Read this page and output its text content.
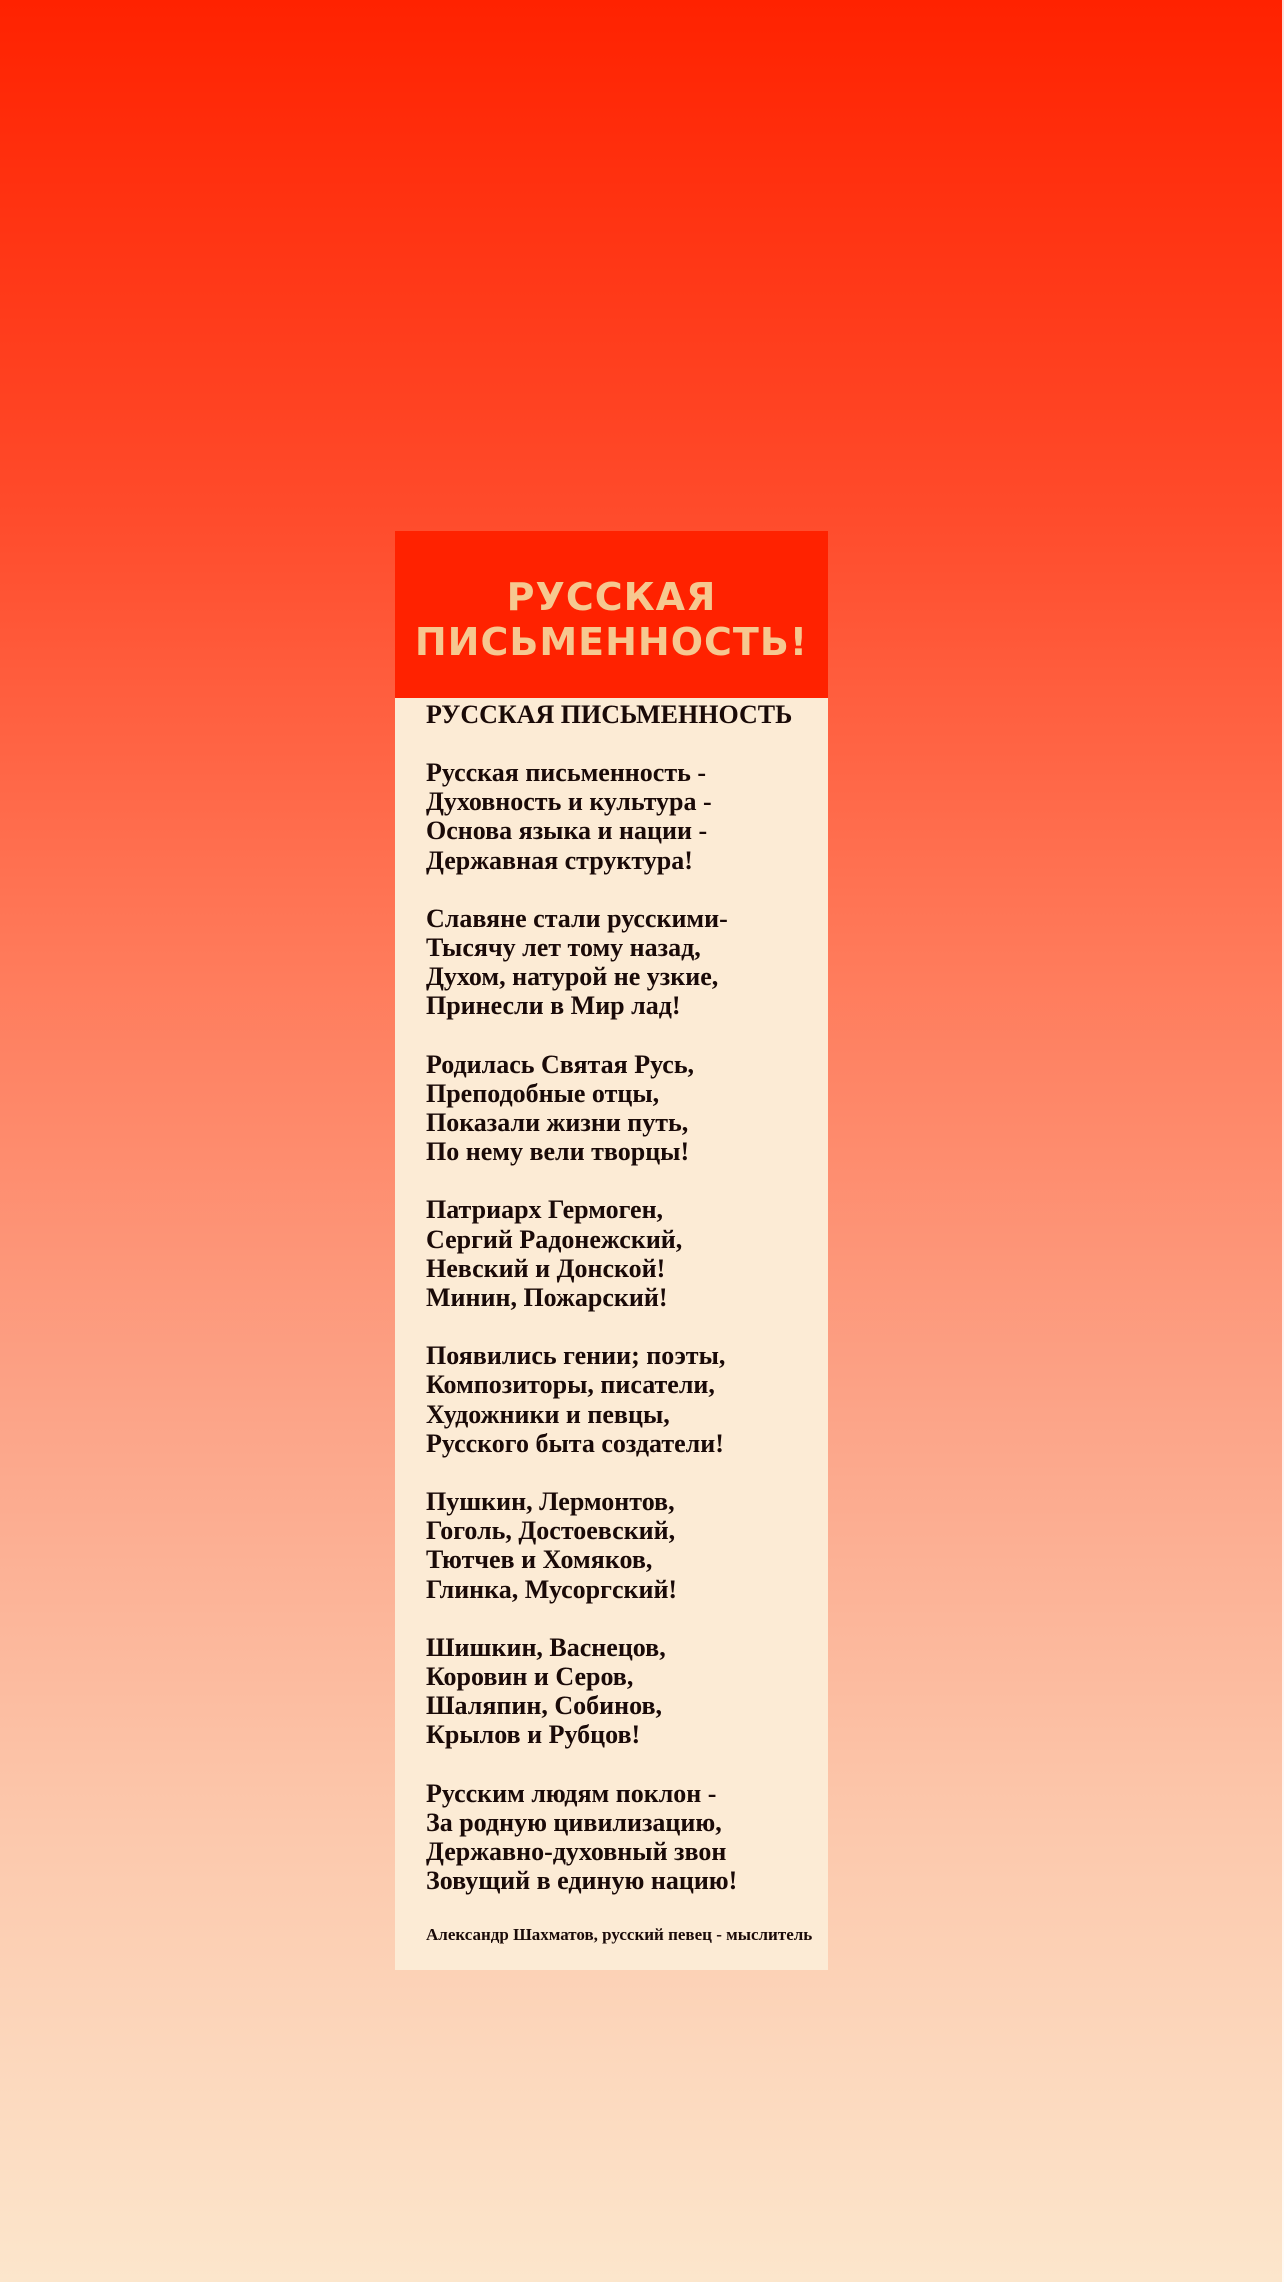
РУССКАЯ
ПИСЬМЕННОСТЬ!
РУССКАЯ ПИСЬМЕННОСТЬ
Русская письменность -
Духовность и культура -
Основа языка и нации -
Державная структура!
Славяне стали русскими-
Тысячу лет тому назад,
Духом, натурой не узкие,
Принесли в Мир лад!
Родилась Святая Русь,
Преподобные отцы,
Показали жизни путь,
По нему вели творцы!
Патриарх Гермоген,
Сергий Радонежский,
Невский и Донской!
Минин, Пожарский!
Появились гении; поэты,
Композиторы, писатели,
Художники и певцы,
Русского быта создатели!
Пушкин, Лермонтов,
Гоголь, Достоевский,
Тютчев и Хомяков,
Глинка, Мусоргский!
Шишкин, Васнецов,
Коровин и Серов,
Шаляпин, Собинов,
Крылов и Рубцов!
Русским людям поклон -
За родную цивилизацию,
Державно-духовный звон
Зовущий в единую нацию!
Александр Шахматов, русский певец - мыслитель
